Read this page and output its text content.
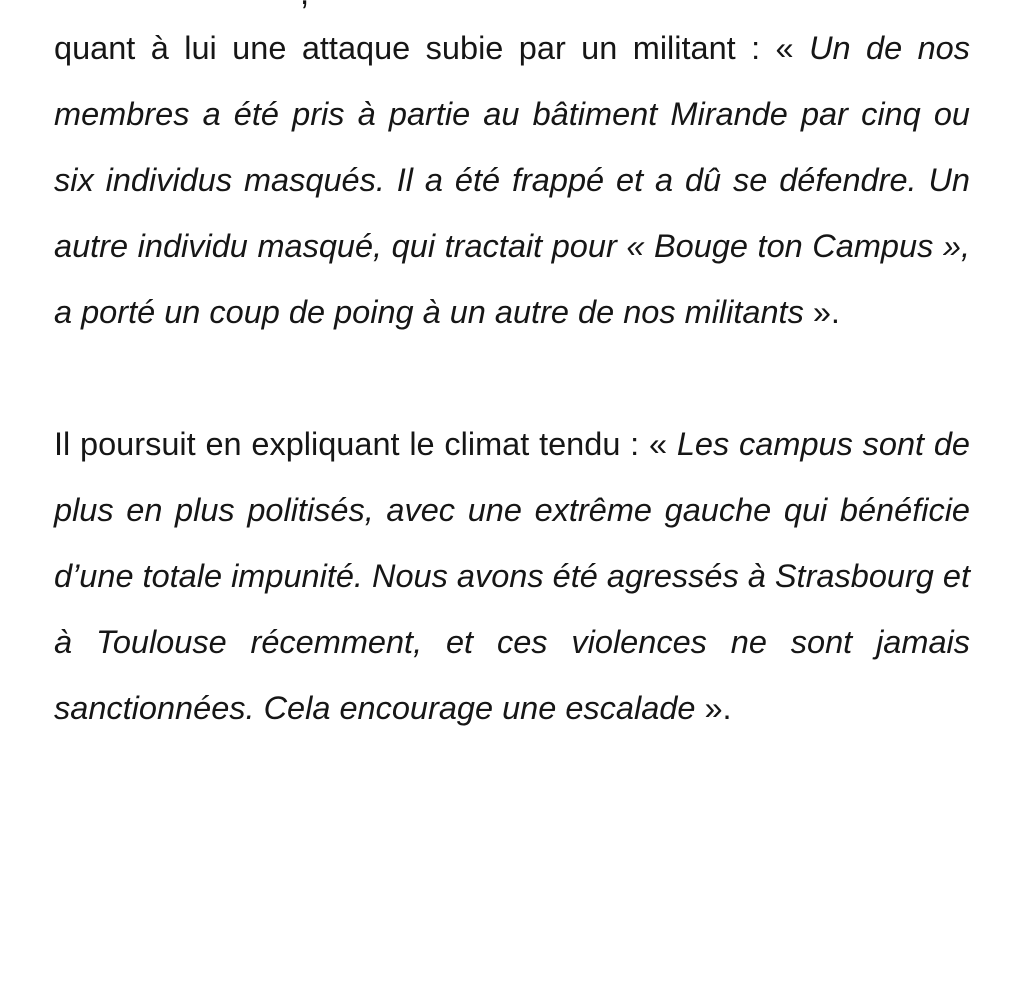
quant à lui une attaque subie par un militant : « Un de nos membres a été pris à partie au bâtiment Mirande par cinq ou six individus masqués. Il a été frappé et a dû se défendre. Un autre individu masqué, qui tractait pour « Bouge ton Campus », a porté un coup de poing à un autre de nos militants ».

Il poursuit en expliquant le climat tendu : « Les campus sont de plus en plus politisés, avec une extrême gauche qui bénéficie d’une totale impunité. Nous avons été agressés à Strasbourg et à Toulouse récemment, et ces violences ne sont jamais sanctionnées. Cela encourage une escalade ».
